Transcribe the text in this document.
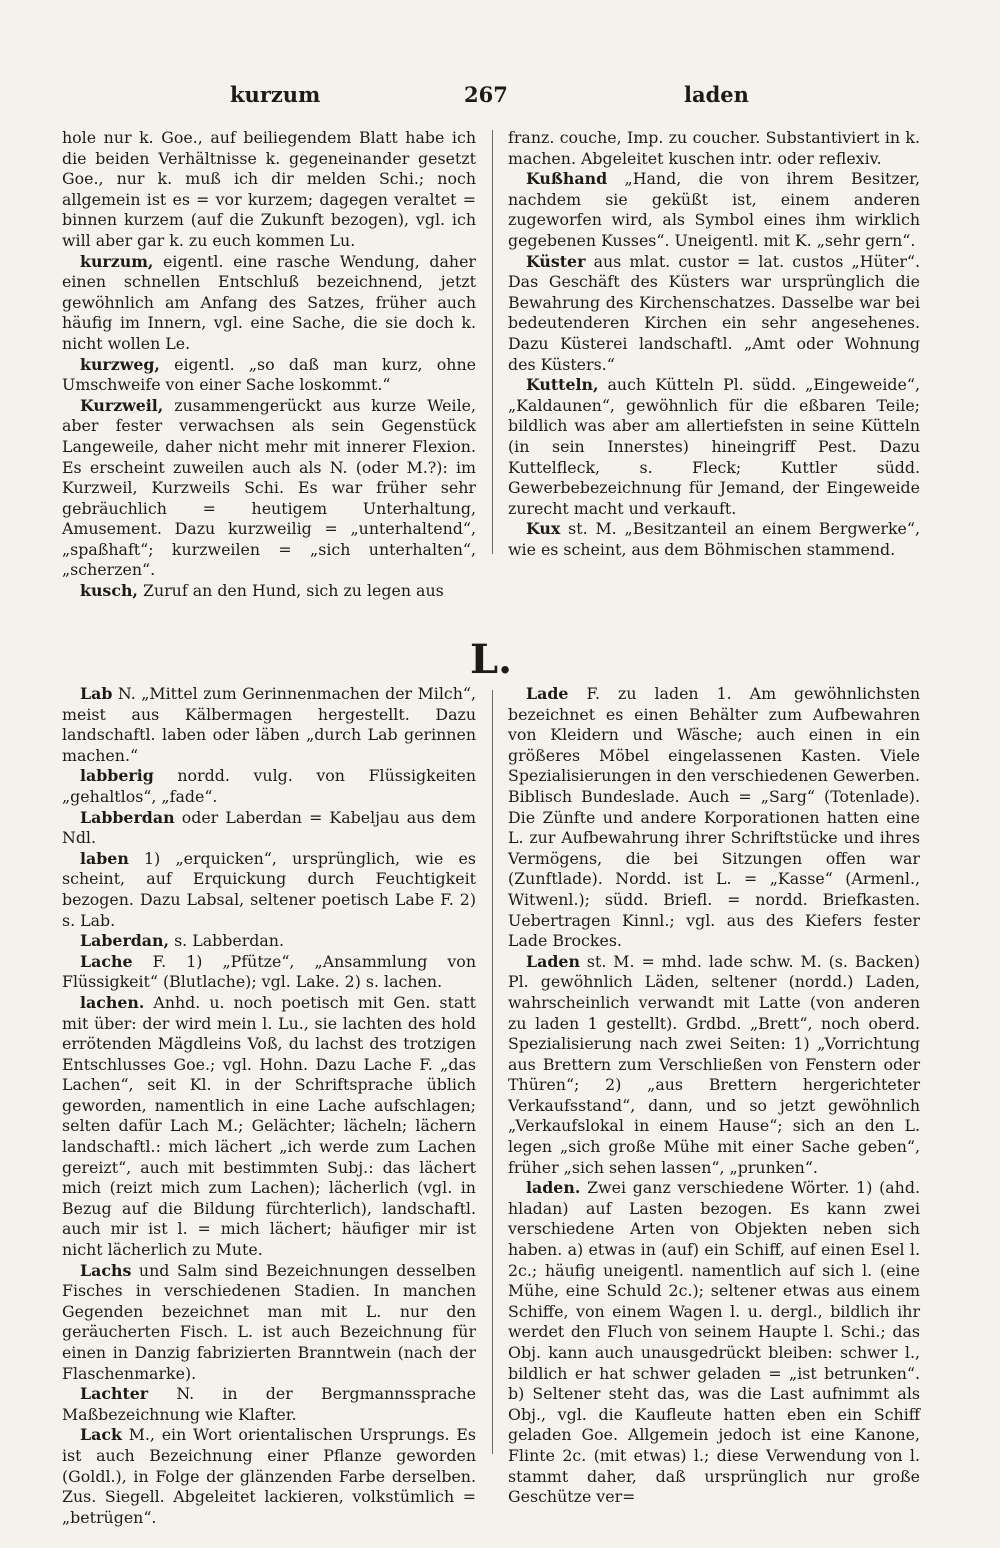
kurzum	267	laden

hole nur k. Goe., auf beiliegendem Blatt habe ich die beiden Verhältnisse k. gegeneinander gesetzt Goe., nur k. muß ich dir melden Schi.; noch allgemein ist es = vor kurzem; dagegen veraltet = binnen kurzem (auf die Zukunft bezogen), vgl. ich will aber gar k. zu euch kommen Lu.

kurzum, eigentl. eine rasche Wendung, daher einen schnellen Entschluß bezeichnend, jetzt gewöhnlich am Anfang des Satzes, früher auch häufig im Innern, vgl. eine Sache, die sie doch k. nicht wollen Le.

kurzweg, eigentl. „so daß man kurz, ohne Umschweife von einer Sache loskommt.“

Kurzweil, zusammengerückt aus kurze Weile, aber fester verwachsen als sein Gegenstück Langeweile, daher nicht mehr mit innerer Flexion. Es erscheint zuweilen auch als N. (oder M.?): im Kurzweil, Kurzweils Schi. Es war früher sehr gebräuchlich = heutigem Unterhaltung, Amusement. Dazu kurzweilig = „unterhaltend“, „spaßhaft“; kurzweilen = „sich unterhalten“, „scherzen“.

kusch, Zuruf an den Hund, sich zu legen aus

franz. couche, Imp. zu coucher. Substantiviert in k. machen. Abgeleitet kuschen intr. oder reflexiv.

Kußhand „Hand, die von ihrem Besitzer, nachdem sie geküßt ist, einem anderen zugeworfen wird, als Symbol eines ihm wirklich gegebenen Kusses“. Uneigentl. mit K. „sehr gern“.

Küster aus mlat. custor = lat. custos „Hüter“. Das Geschäft des Küsters war ursprünglich die Bewahrung des Kirchenschatzes. Dasselbe war bei bedeutenderen Kirchen ein sehr angesehenes. Dazu Küsterei landschaftl. „Amt oder Wohnung des Küsters.“

Kutteln, auch Kütteln Pl. südd. „Eingeweide“, „Kaldaunen“, gewöhnlich für die eßbaren Teile; bildlich was aber am allertiefsten in seine Kütteln (in sein Innerstes) hineingriff Pest. Dazu Kuttelfleck, s. Fleck; Kuttler südd. Gewerbebezeichnung für Jemand, der Eingeweide zurecht macht und verkauft.

Kux st. M. „Besitzanteil an einem Bergwerke“, wie es scheint, aus dem Böhmischen stammend.

L.

Lab N. „Mittel zum Gerinnenmachen der Milch“, meist aus Kälbermagen hergestellt. Dazu landschaftl. laben oder läben „durch Lab gerinnen machen.“

labberig nordd. vulg. von Flüssigkeiten „gehaltlos“, „fade“.

Labberdan oder Laberdan = Kabeljau aus dem Ndl.

laben 1) „erquicken“, ursprünglich, wie es scheint, auf Erquickung durch Feuchtigkeit bezogen. Dazu Labsal, seltener poetisch Labe F. 2) s. Lab.

Laberdan, s. Labberdan.

Lache F. 1) „Pfütze“, „Ansammlung von Flüssigkeit“ (Blutlache); vgl. Lake. 2) s. lachen.

lachen. Anhd. u. noch poetisch mit Gen. statt mit über: der wird mein l. Lu., sie lachten des hold errötenden Mägdleins Voß, du lachst des trotzigen Entschlusses Goe.; vgl. Hohn. Dazu Lache F. „das Lachen“, seit Kl. in der Schriftsprache üblich geworden, namentlich in eine Lache aufschlagen; selten dafür Lach M.; Gelächter; lächeln; lächern landschaftl.: mich lächert „ich werde zum Lachen gereizt“, auch mit bestimmten Subj.: das lächert mich (reizt mich zum Lachen); lächerlich (vgl. in Bezug auf die Bildung fürchterlich), landschaftl. auch mir ist l. = mich lächert; häufiger mir ist nicht lächerlich zu Mute.

Lachs und Salm sind Bezeichnungen desselben Fisches in verschiedenen Stadien. In manchen Gegenden bezeichnet man mit L. nur den geräucherten Fisch. L. ist auch Bezeichnung für einen in Danzig fabrizierten Branntwein (nach der Flaschenmarke).

Lachter N. in der Bergmannssprache Maßbezeichnung wie Klafter.

Lack M., ein Wort orientalischen Ursprungs. Es ist auch Bezeichnung einer Pflanze geworden (Goldl.), in Folge der glänzenden Farbe derselben. Zus. Siegell. Abgeleitet lackieren, volkstümlich = „betrügen“.

Lade F. zu laden 1. Am gewöhnlichsten bezeichnet es einen Behälter zum Aufbewahren von Kleidern und Wäsche; auch einen in ein größeres Möbel eingelassenen Kasten. Viele Spezialisierungen in den verschiedenen Gewerben. Biblisch Bundeslade. Auch = „Sarg“ (Totenlade). Die Zünfte und andere Korporationen hatten eine L. zur Aufbewahrung ihrer Schriftstücke und ihres Vermögens, die bei Sitzungen offen war (Zunftlade). Nordd. ist L. = „Kasse“ (Armenl., Witwenl.); südd. Briefl. = nordd. Briefkasten. Uebertragen Kinnl.; vgl. aus des Kiefers fester Lade Brockes.

Laden st. M. = mhd. lade schw. M. (s. Backen) Pl. gewöhnlich Läden, seltener (nordd.) Laden, wahrscheinlich verwandt mit Latte (von anderen zu laden 1 gestellt). Grdbd. „Brett“, noch oberd. Spezialisierung nach zwei Seiten: 1) „Vorrichtung aus Brettern zum Verschließen von Fenstern oder Thüren“; 2) „aus Brettern hergerichteter Verkaufsstand“, dann, und so jetzt gewöhnlich „Verkaufslokal in einem Hause“; sich an den L. legen „sich große Mühe mit einer Sache geben“, früher „sich sehen lassen“, „prunken“.

laden. Zwei ganz verschiedene Wörter. 1) (ahd. hladan) auf Lasten bezogen. Es kann zwei verschiedene Arten von Objekten neben sich haben. a) etwas in (auf) ein Schiff, auf einen Esel l. 2c.; häufig uneigentl. namentlich auf sich l. (eine Mühe, eine Schuld 2c.); seltener etwas aus einem Schiffe, von einem Wagen l. u. dergl., bildlich ihr werdet den Fluch von seinem Haupte l. Schi.; das Obj. kann auch unausgedrückt bleiben: schwer l., bildlich er hat schwer geladen = „ist betrunken“. b) Seltener steht das, was die Last aufnimmt als Obj., vgl. die Kaufleute hatten eben ein Schiff geladen Goe. Allgemein jedoch ist eine Kanone, Flinte 2c. (mit etwas) l.; diese Verwendung von l. stammt daher, daß ursprünglich nur große Geschütze ver=
